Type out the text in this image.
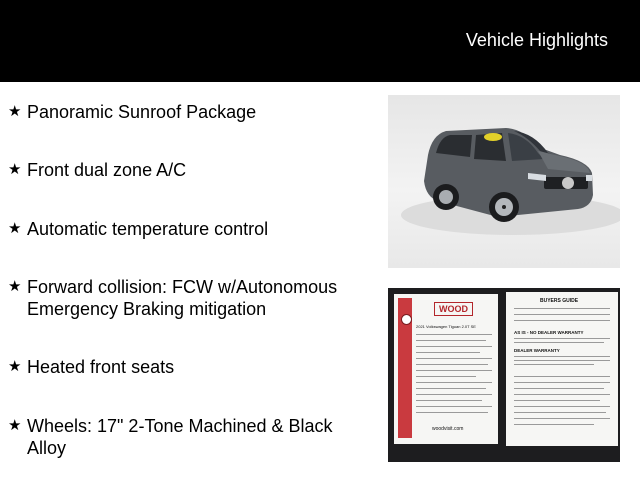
Vehicle Highlights
★ Panoramic Sunroof Package
★ Front dual zone A/C
★ Automatic temperature control
★ Forward collision: FCW w/Autonomous
Emergency Braking mitigation
★ Heated front seats
★ Wheels: 17" 2-Tone Machined & Black
Alloy
WOOD
2021 Volkswagen Tiguan 2.0T SE
woodvisit.com
BUYERS GUIDE
AS IS - NO DEALER WARRANTY
DEALER WARRANTY
